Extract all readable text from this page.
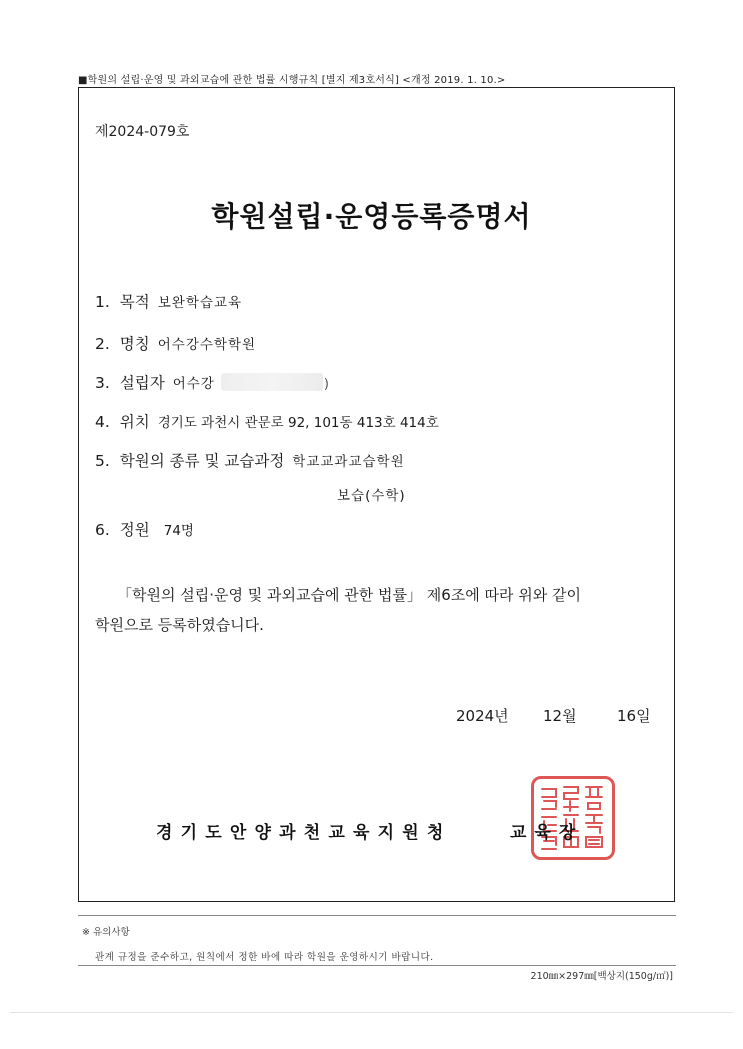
■학원의 설립·운영 및 과외교습에 관한 법률 시행규칙 [별지 제3호서식] <개정 2019. 1. 10.>
제2024-079호
학원설립·운영등록증명서
1. 목적 보완학습교육
2. 명칭 어수강수학학원
3. 설립자 어수강	)
4. 위치 경기도 과천시 관문로 92, 101동 413호 414호
5. 학원의 종류 및 교습과정 학교교과교습학원
보습(수학)
6. 정원 74명
「학원의 설립·운영 및 과외교습에 관한 법률」 제6조에 따라 위와 같이
학원으로 등록하였습니다.
2024년 12월	16일
경기도안양과천교육지원청	교육장
※ 유의사항
관계 규정을 준수하고, 원칙에서 정한 바에 따라 학원을 운영하시기 바랍니다.
210㎜×297㎜[백상지(150g/㎡)]
